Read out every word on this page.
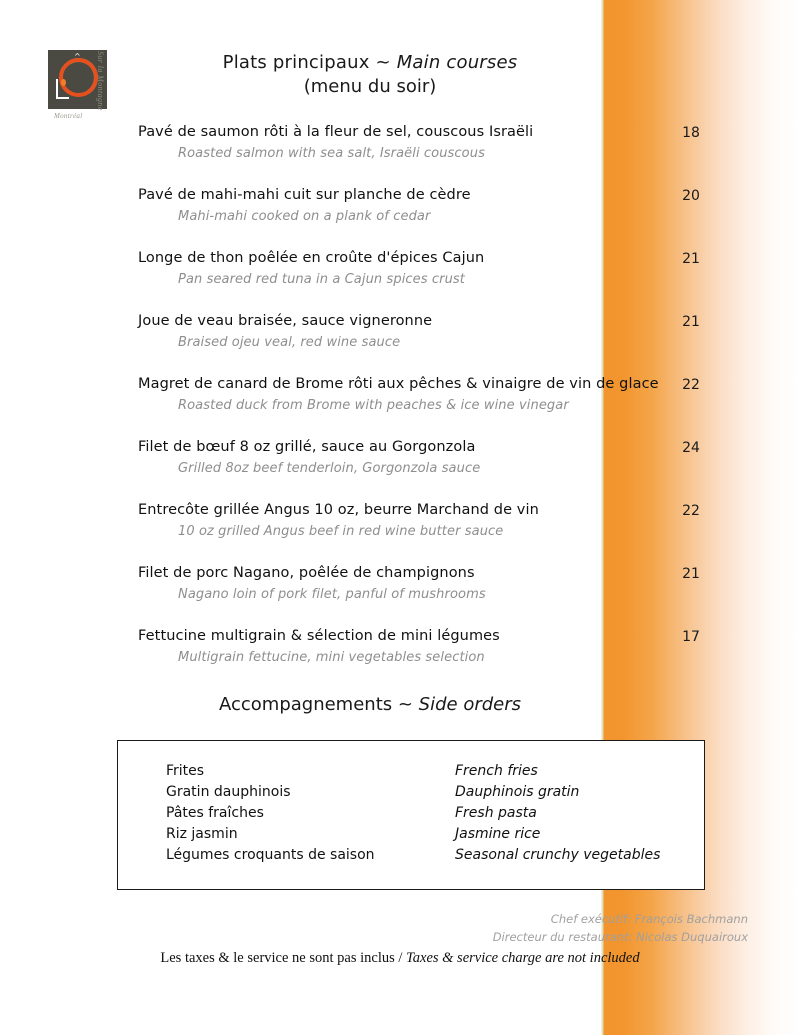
^ Sur la Montagne
Montréal
Plats principaux ~ Main courses
(menu du soir)
Pavé de saumon rôti à la fleur de sel, couscous Israëli
Roasted salmon with sea salt, Israëli couscous
18
Pavé de mahi-mahi cuit sur planche de cèdre
Mahi-mahi cooked on a plank of cedar
20
Longe de thon poêlée en croûte d'épices Cajun
Pan seared red tuna in a Cajun spices crust
21
Joue de veau braisée, sauce vigneronne
Braised ojeu veal, red wine sauce
21
Magret de canard de Brome rôti aux pêches & vinaigre de vin de glace
Roasted duck from Brome with peaches & ice wine vinegar
22
Filet de bœuf 8 oz grillé, sauce au Gorgonzola
Grilled 8oz beef tenderloin, Gorgonzola sauce
24
Entrecôte grillée Angus 10 oz, beurre Marchand de vin
10 oz grilled Angus beef in red wine butter sauce
22
Filet de porc Nagano, poêlée de champignons
Nagano loin of pork filet, panful of mushrooms
21
Fettucine multigrain & sélection de mini légumes
Multigrain fettucine, mini vegetables selection
17
Accompagnements ~ Side orders
Frites	French fries
Gratin dauphinois	Dauphinois gratin
Pâtes fraîches	Fresh pasta
Riz jasmin	Jasmine rice
Légumes croquants de saison	Seasonal crunchy vegetables
Chef exécutif: François Bachmann
Directeur du restaurant: Nicolas Duquairoux
Les taxes & le service ne sont pas inclus / Taxes & service charge are not included
